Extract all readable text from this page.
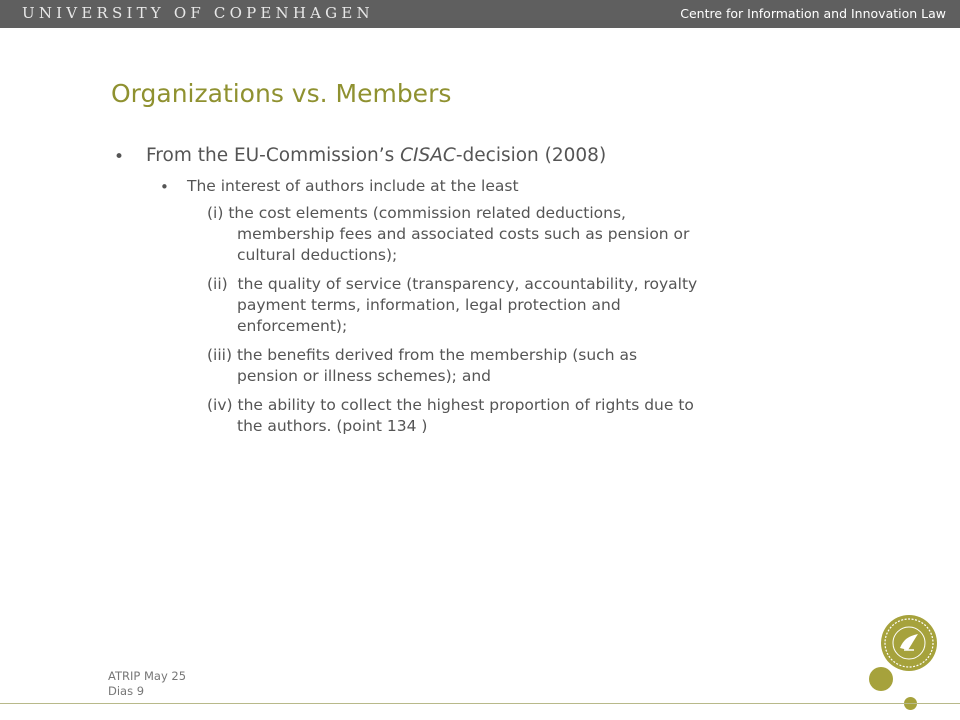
UNIVERSITY OF COPENHAGEN	Centre for Information and Innovation Law
Organizations vs. Members
• From the EU-Commission’s CISAC-decision (2008)
• The interest of authors include at the least
(i) the cost elements (commission related deductions,
membership fees and associated costs such as pension or
cultural deductions);
(ii)  the quality of service (transparency, accountability, royalty
payment terms, information, legal protection and
enforcement);
(iii) the benefits derived from the membership (such as
pension or illness schemes); and
(iv) the ability to collect the highest proportion of rights due to
the authors. (point 134 )
ATRIP May 25
Dias 9
